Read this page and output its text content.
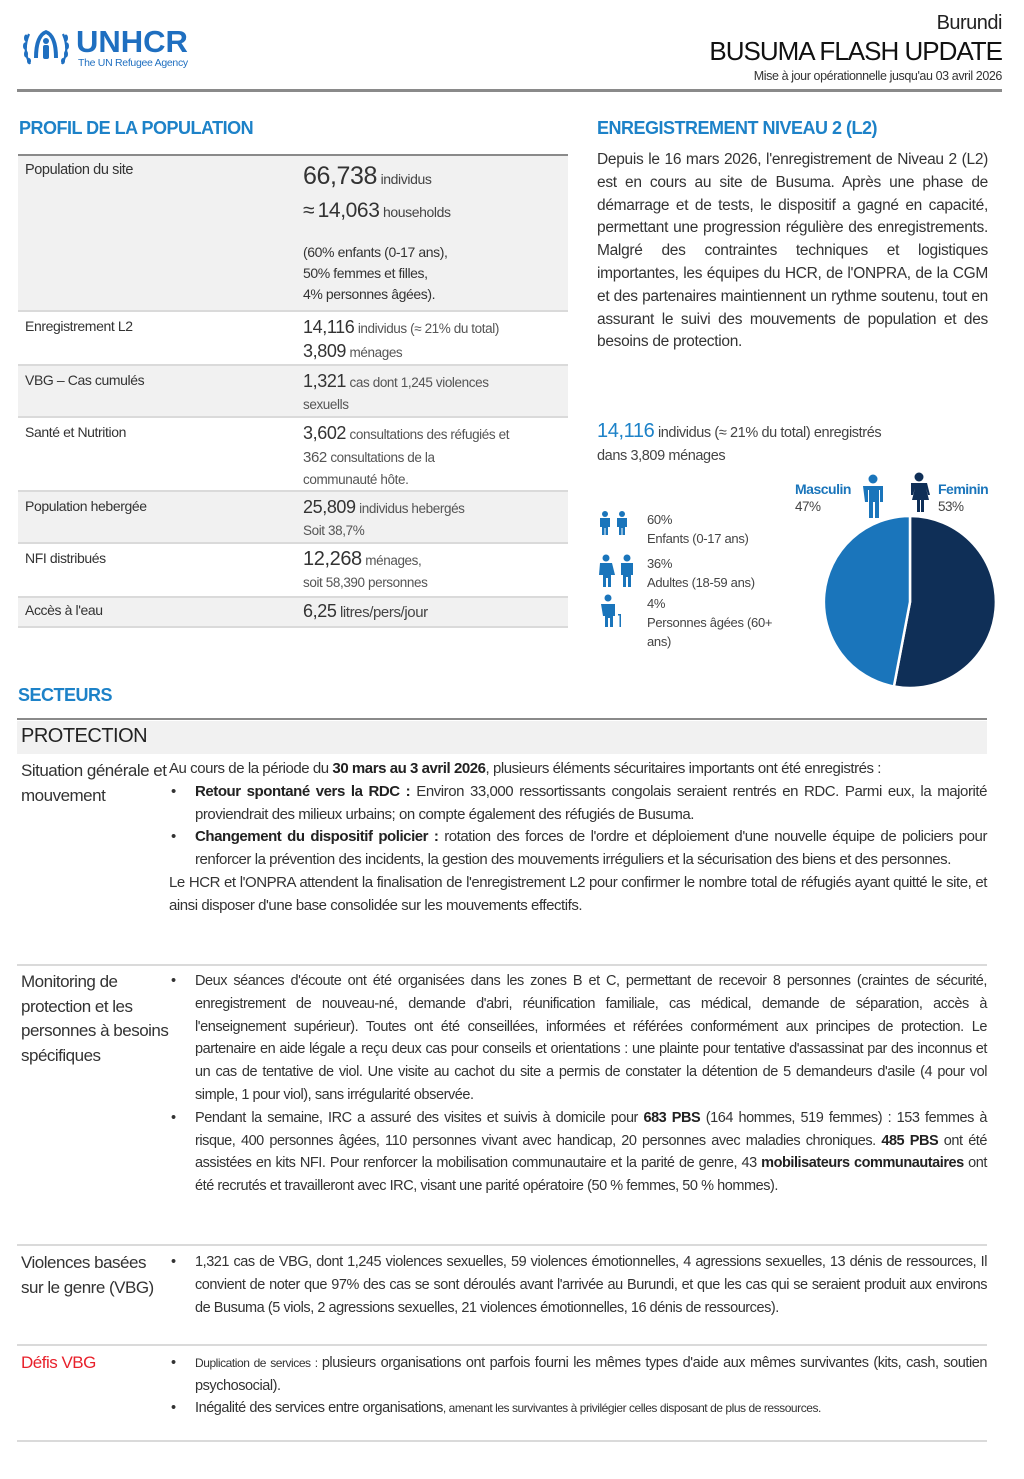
UNHCR
The UN Refugee Agency
Burundi
BUSUMA FLASH UPDATE
Mise à jour opérationnelle jusqu'au 03 avril 2026
PROFIL DE LA POPULATION
Population du site	66,738 individus
≈ 14,063 households
(60% enfants (0-17 ans),
50% femmes et filles,
4% personnes âgées).
Enregistrement L2	14,116 individus (≈ 21% du total)
3,809 ménages
VBG – Cas cumulés	1,321 cas dont 1,245 violences
sexuells
Santé et Nutrition	3,602 consultations des réfugiés et
362 consultations de la
communauté hôte.
Population hebergée	25,809 individus hebergés
Soit 38,7%
NFI distribués	12,268 ménages,
soit 58,390 personnes
Accès à l'eau	6,25 litres/pers/jour
ENREGISTREMENT NIVEAU 2 (L2)
Depuis le 16 mars 2026, l'enregistrement de Niveau 2 (L2) est en cours au site de Busuma. Après une phase de démarrage et de tests, le dispositif a gagné en capacité, permettant une progression régulière des enregistrements. Malgré des contraintes techniques et logistiques importantes, les équipes du HCR, de l'ONPRA, de la CGM et des partenaires maintiennent un rythme soutenu, tout en assurant le suivi des mouvements de population et des besoins de protection.
14,116 individus (≈ 21% du total) enregistrés
dans 3,809 ménages
60%
Enfants (0-17 ans)
36%
Adultes (18-59 ans)
4%
Personnes âgées (60+ ans)
Masculin
47%
Feminin
53%
SECTEURS
PROTECTION
Situation générale et mouvement

Au cours de la période du 30 mars au 3 avril 2026, plusieurs éléments sécuritaires importants ont été enregistrés :

• Retour spontané vers la RDC : Environ 33,000 ressortissants congolais seraient rentrés en RDC. Parmi eux, la majorité proviendrait des milieux urbains; on compte également des réfugiés de Busuma.
• Changement du dispositif policier : rotation des forces de l'ordre et déploiement d'une nouvelle équipe de policiers pour renforcer la prévention des incidents, la gestion des mouvements irréguliers et la sécurisation des biens et des personnes.

Le HCR et l'ONPRA attendent la finalisation de l'enregistrement L2 pour confirmer le nombre total de réfugiés ayant quitté le site, et ainsi disposer d'une base consolidée sur les mouvements effectifs.

Monitoring de protection et les personnes à besoins spécifiques
• Deux séances d'écoute ont été organisées dans les zones B et C, permettant de recevoir 8 personnes (craintes de sécurité, enregistrement de nouveau-né, demande d'abri, réunification familiale, cas médical, demande de séparation, accès à l'enseignement supérieur). Toutes ont été conseillées, informées et référées conformément aux principes de protection. Le partenaire en aide légale a reçu deux cas pour conseils et orientations : une plainte pour tentative d'assassinat par des inconnus et un cas de tentative de viol. Une visite au cachot du site a permis de constater la détention de 5 demandeurs d'asile (4 pour vol simple, 1 pour viol), sans irrégularité observée.
• Pendant la semaine, IRC a assuré des visites et suivis à domicile pour 683 PBS (164 hommes, 519 femmes) : 153 femmes à risque, 400 personnes âgées, 110 personnes vivant avec handicap, 20 personnes avec maladies chroniques. 485 PBS ont été assistées en kits NFI. Pour renforcer la mobilisation communautaire et la parité de genre, 43 mobilisateurs communautaires ont été recrutés et travailleront avec IRC, visant une parité opératoire (50 % femmes, 50 % hommes).
Violences basées sur le genre (VBG)
• 1,321 cas de VBG, dont 1,245 violences sexuelles, 59 violences émotionnelles, 4 agressions sexuelles, 13 dénis de ressources, Il convient de noter que 97% des cas se sont déroulés avant l'arrivée au Burundi, et que les cas qui se seraient produit aux environs de Busuma (5 viols, 2 agressions sexuelles, 21 violences émotionnelles, 16 dénis de ressources).
Défis VBG	• Duplication de services : plusieurs organisations ont parfois fourni les mêmes types d'aide aux mêmes survivantes (kits, cash, soutien psychosocial).
• Inégalité des services entre organisations, amenant les survivantes à privilégier celles disposant de plus de ressources.
